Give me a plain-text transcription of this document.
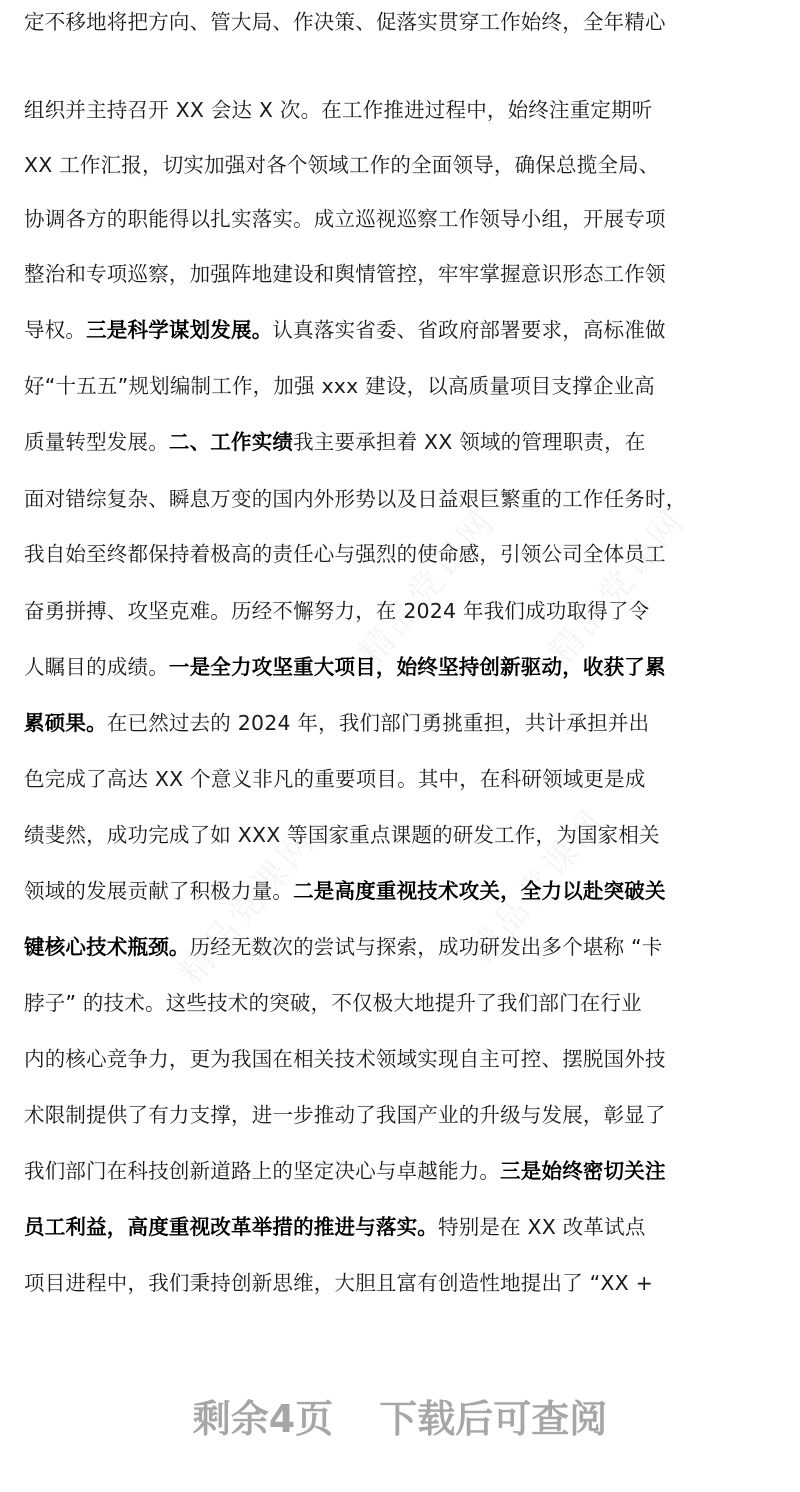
定不移地将把方向、管大局、作决策、促落实贯穿工作始终，全年精心
组织并主持召开 XX 会达 X 次。在工作推进过程中，始终注重定期听
XX 工作汇报，切实加强对各个领域工作的全面领导，确保总揽全局、
协调各方的职能得以扎实落实。成立巡视巡察工作领导小组，开展专项
整治和专项巡察，加强阵地建设和舆情管控，牢牢掌握意识形态工作领
导权。三是科学谋划发展。认真落实省委、省政府部署要求，高标准做
好“十五五”规划编制工作，加强 xxx 建设，以高质量项目支撑企业高
质量转型发展。二、工作实绩我主要承担着 XX 领域的管理职责，在
面对错综复杂、瞬息万变的国内外形势以及日益艰巨繁重的工作任务时，
我自始至终都保持着极高的责任心与强烈的使命感，引领公司全体员工
奋勇拼搏、攻坚克难。历经不懈努力，在 2024 年我们成功取得了令
人瞩目的成绩。一是全力攻坚重大项目，始终坚持创新驱动，收获了累
累硕果。在已然过去的 2024 年，我们部门勇挑重担，共计承担并出
色完成了高达 XX 个意义非凡的重要项目。其中，在科研领域更是成
绩斐然，成功完成了如 XXX 等国家重点课题的研发工作，为国家相关
领域的发展贡献了积极力量。二是高度重视技术攻关，全力以赴突破关
键核心技术瓶颈。历经无数次的尝试与探索，成功研发出多个堪称 “卡
脖子” 的技术。这些技术的突破，不仅极大地提升了我们部门在行业
内的核心竞争力，更为我国在相关技术领域实现自主可控、摆脱国外技
术限制提供了有力支撑，进一步推动了我国产业的升级与发展，彰显了
我们部门在科技创新道路上的坚定决心与卓越能力。三是始终密切关注
员工利益，高度重视改革举措的推进与落实。特别是在 XX 改革试点
项目进程中，我们秉持创新思维，大胆且富有创造性地提出了 “XX +
剩余4页 下载后可查阅
